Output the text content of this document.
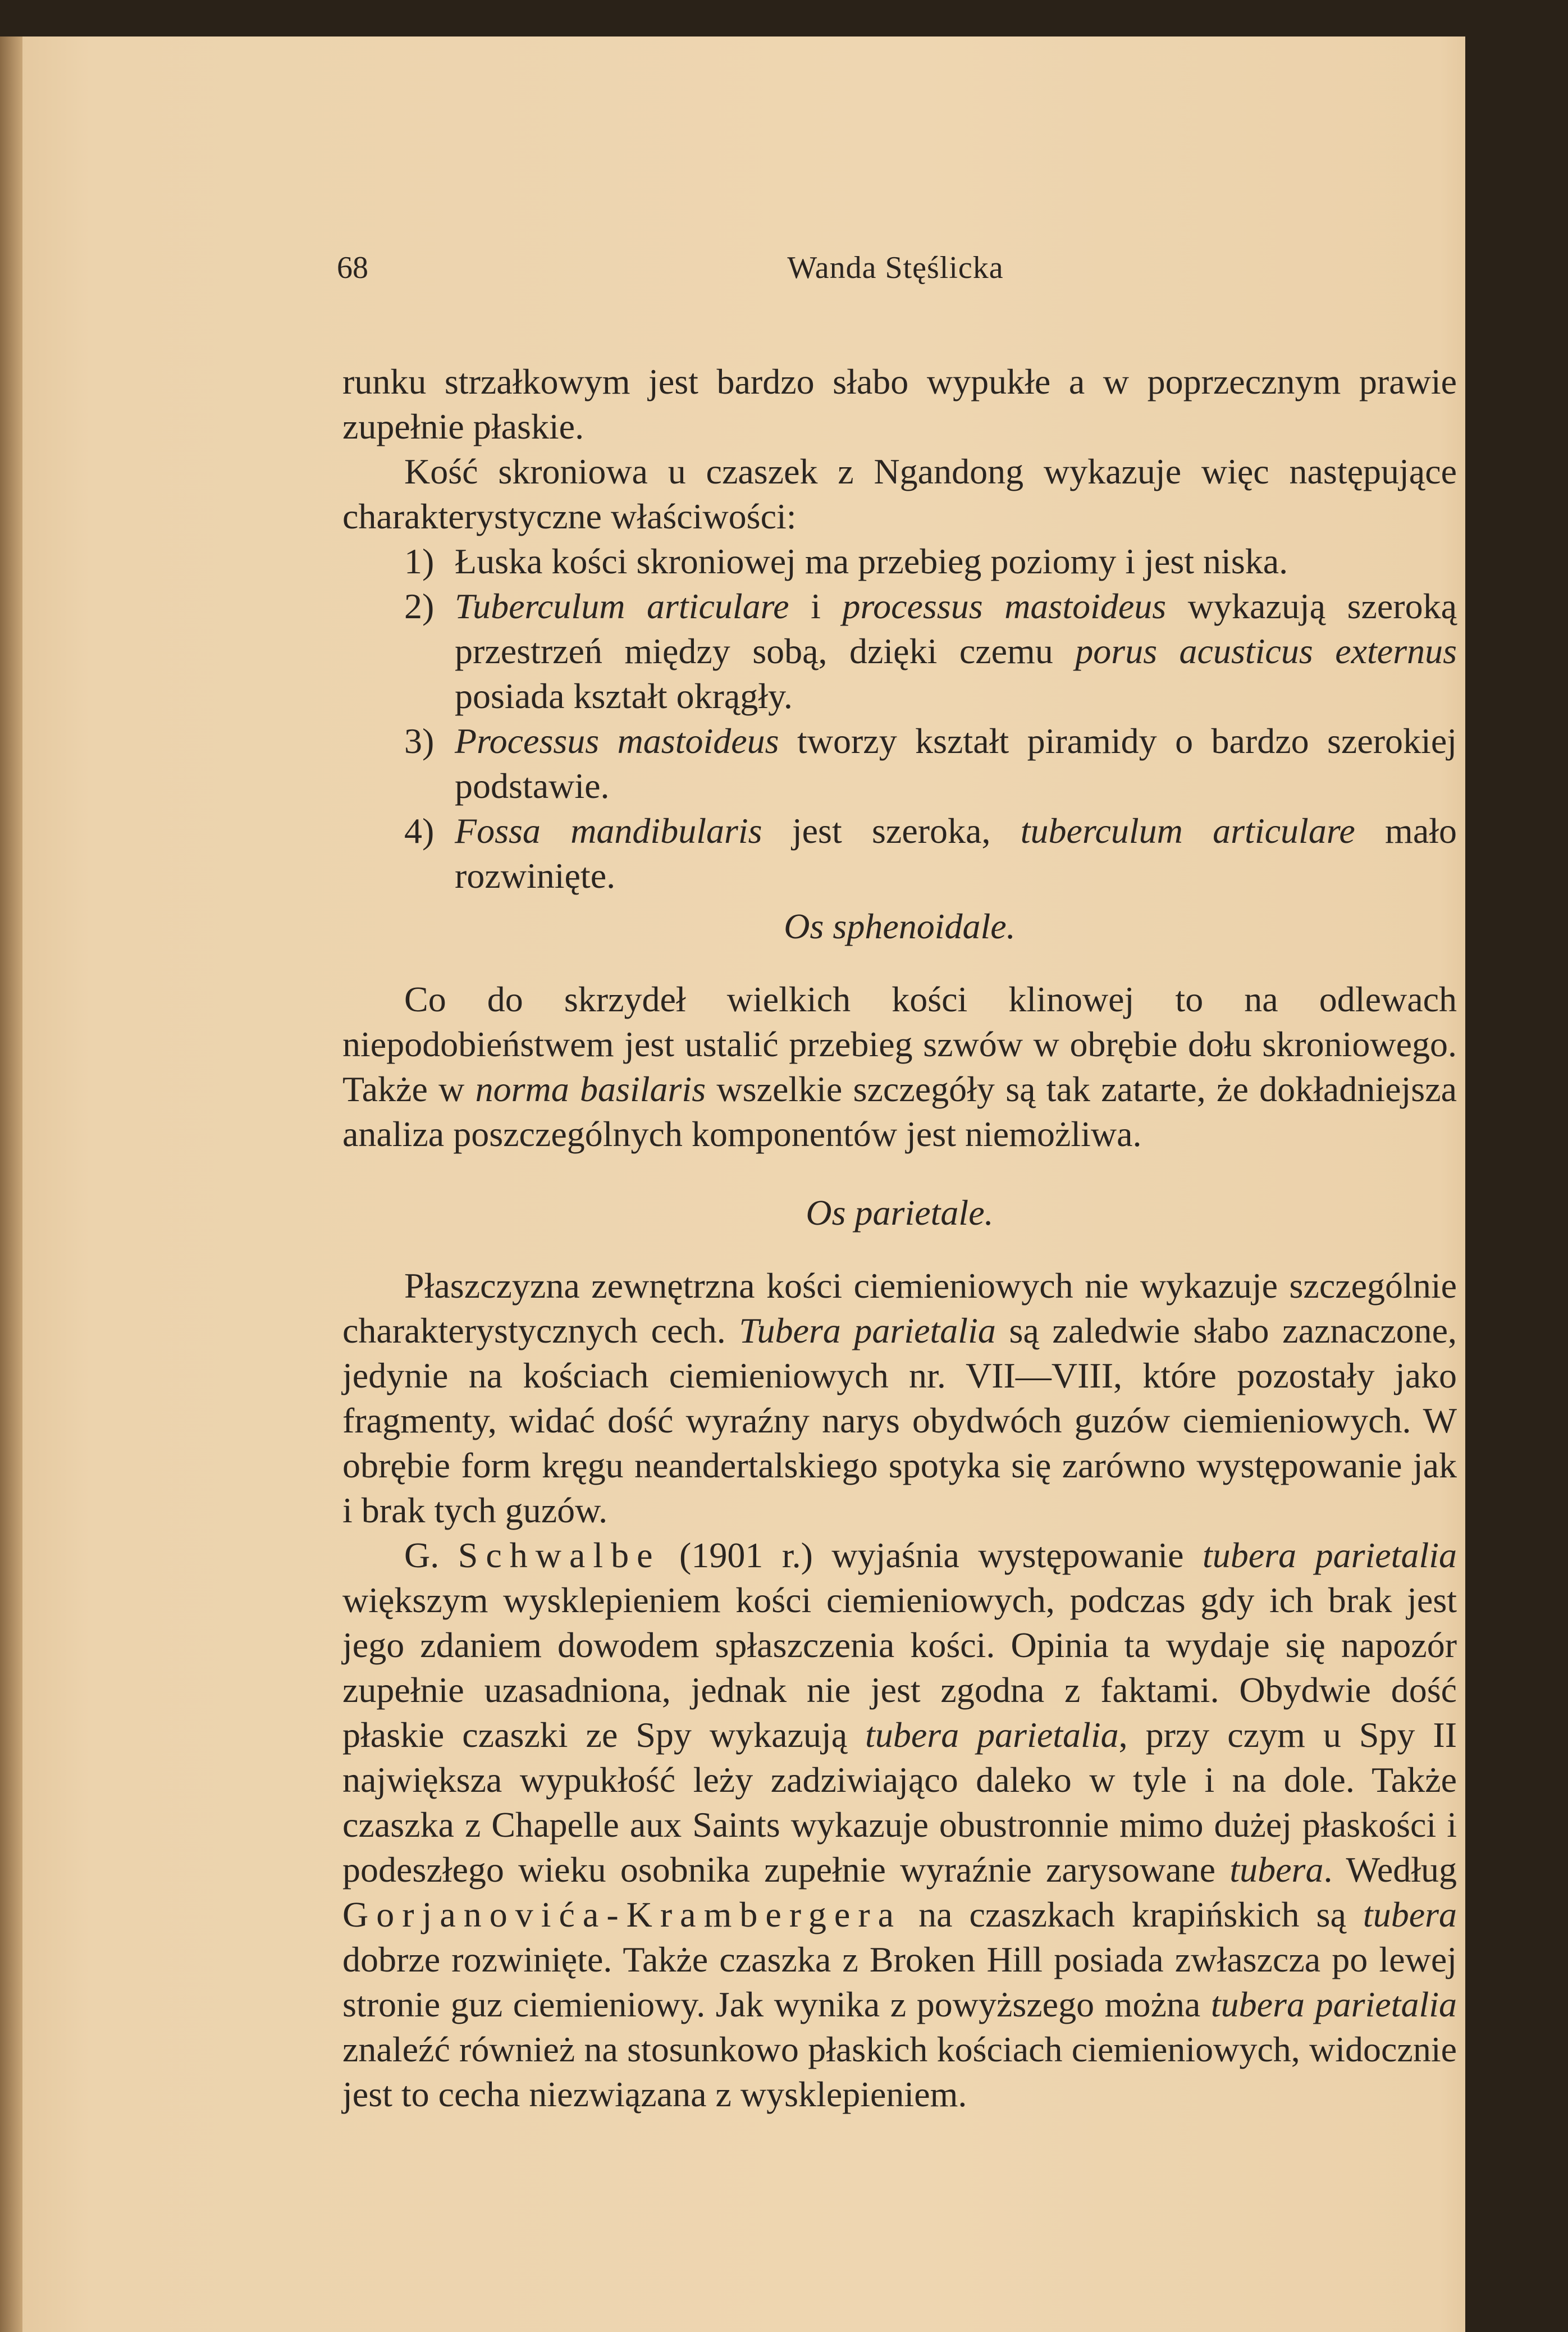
68	Wanda Stęślicka

runku strzałkowym jest bardzo słabo wypukłe a w poprzecznym prawie zupełnie płaskie.

Kość skroniowa u czaszek z Ngandong wykazuje więc następujące charakterystyczne właściwości:

1) Łuska kości skroniowej ma przebieg poziomy i jest niska.
2) Tuberculum articulare i processus mastoideus wykazują szeroką przestrzeń między sobą, dzięki czemu porus acusticus externus posiada kształt okrągły.
3) Processus mastoideus tworzy kształt piramidy o bardzo szerokiej podstawie.
4) Fossa mandibularis jest szeroka, tuberculum articulare mało rozwinięte.
Os sphenoidale.

Co do skrzydeł wielkich kości klinowej to na odlewach niepodobieństwem jest ustalić przebieg szwów w obrębie dołu skroniowego. Także w norma basilaris wszelkie szczegóły są tak zatarte, że dokładniejsza analiza poszczególnych komponentów jest niemożliwa.

Os parietale.

Płaszczyzna zewnętrzna kości ciemieniowych nie wykazuje szczególnie charakterystycznych cech. Tubera parietalia są zaledwie słabo zaznaczone, jedynie na kościach ciemieniowych nr. VII—VIII, które pozostały jako fragmenty, widać dość wyraźny narys obydwóch guzów ciemieniowych. W obrębie form kręgu neandertalskiego spotyka się zarówno występowanie jak i brak tych guzów.

G. Schwalbe (1901 r.) wyjaśnia występowanie tubera parietalia większym wysklepieniem kości ciemieniowych, podczas gdy ich brak jest jego zdaniem dowodem spłaszczenia kości. Opinia ta wydaje się napozór zupełnie uzasadniona, jednak nie jest zgodna z faktami. Obydwie dość płaskie czaszki ze Spy wykazują tubera parietalia, przy czym u Spy II największa wypukłość leży zadziwiająco daleko w tyle i na dole. Także czaszka z Chapelle aux Saints wykazuje obustronnie mimo dużej płaskości i podeszłego wieku osobnika zupełnie wyraźnie zarysowane tubera. Według Gorjanovića-Krambergera na czaszkach krapińskich są tubera dobrze rozwinięte. Także czaszka z Broken Hill posiada zwłaszcza po lewej stronie guz ciemieniowy. Jak wynika z powyższego można tubera parietalia znaleźć również na stosunkowo płaskich kościach ciemieniowych, widocznie jest to cecha niezwiązana z wysklepieniem.
